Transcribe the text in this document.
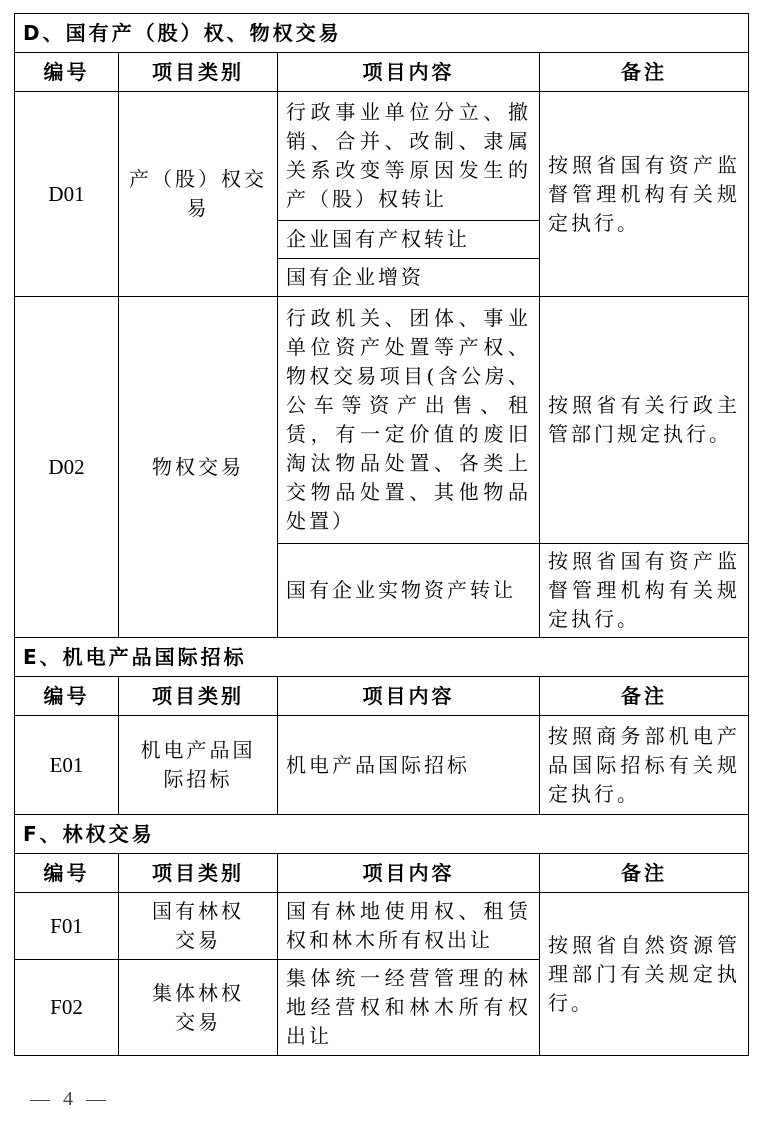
D、国有产（股）权、物权交易			
编号	项目类别	项目内容	备注
D01	产（股）权交易	行政事业单位分立、撤销、合并、改制、隶属关系改变等原因发生的产（股）权转让	按照省国有资产监督管理机构有关规定执行。
		企业国有产权转让	
		国有企业增资	
D02	物权交易	行政机关、团体、事业单位资产处置等产权、物权交易项目(含公房、公车等资产出售、租赁，有一定价值的废旧淘汰物品处置、各类上交物品处置、其他物品处置）	按照省有关行政主管部门规定执行。
		国有企业实物资产转让	按照省国有资产监督管理机构有关规定执行。
E、机电产品国际招标			
编号	项目类别	项目内容	备注
E01	机电产品国际招标	机电产品国际招标	按照商务部机电产品国际招标有关规定执行。
F、林权交易			
编号	项目类别	项目内容	备注
F01	国有林权交易	国有林地使用权、租赁权和林木所有权出让	按照省自然资源管理部门有关规定执行。
F02	集体林权交易	集体统一经营管理的林地经营权和林木所有权出让	
— 4 —
